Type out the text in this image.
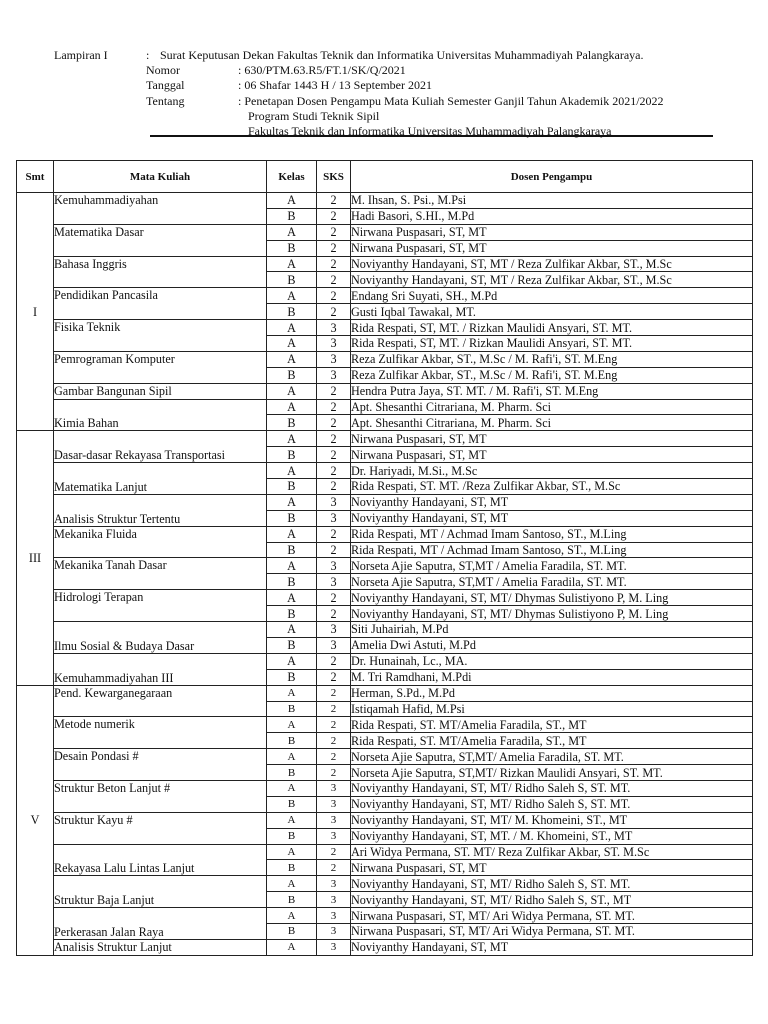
Lampiran I	: Surat Keputusan Dekan Fakultas Teknik dan Informatika Universitas Muhammadiyah Palangkaraya.
Nomor	: 630/PTM.63.R5/FT.1/SK/Q/2021
Tanggal	: 06 Shafar 1443 H / 13 September 2021
Tentang	: Penetapan Dosen Pengampu Mata Kuliah Semester Ganjil Tahun Akademik 2021/2022
Program Studi Teknik Sipil
Fakultas Teknik dan Informatika Universitas Muhammadiyah Palangkaraya
Smt	Mata Kuliah	Kelas	SKS	Dosen Pengampu
I	Kemuhammadiyahan	A	2	M. Ihsan, S. Psi., M.Psi
		B	2	Hadi Basori, S.HI., M.Pd
	Matematika Dasar	A	2	Nirwana Puspasari, ST, MT
		B	2	Nirwana Puspasari, ST, MT
	Bahasa Inggris	A	2	Noviyanthy Handayani, ST, MT / Reza Zulfikar Akbar, ST., M.Sc
		B	2	Noviyanthy Handayani, ST, MT / Reza Zulfikar Akbar, ST., M.Sc
	Pendidikan Pancasila	A	2	Endang Sri Suyati, SH., M.Pd
		B	2	Gusti Iqbal Tawakal, MT.
	Fisika Teknik	A	3	Rida Respati, ST, MT. / Rizkan Maulidi Ansyari, ST. MT.
		A	3	Rida Respati, ST, MT. / Rizkan Maulidi Ansyari, ST. MT.
	Pemrograman Komputer	A	3	Reza Zulfikar Akbar, ST., M.Sc / M. Rafi'i, ST. M.Eng
		B	3	Reza Zulfikar Akbar, ST., M.Sc / M. Rafi'i, ST. M.Eng
	Gambar Bangunan Sipil	A	2	Hendra Putra Jaya, ST. MT. / M. Rafi'i, ST. M.Eng
	Kimia Bahan	A	2	Apt. Shesanthi Citrariana, M. Pharm. Sci
		B	2	Apt. Shesanthi Citrariana, M. Pharm. Sci
III	Dasar-dasar Rekayasa Transportasi	A	2	Nirwana Puspasari, ST, MT
		B	2	Nirwana Puspasari, ST, MT
	Matematika Lanjut	A	2	Dr. Hariyadi, M.Si., M.Sc
		B	2	Rida Respati, ST. MT. /Reza Zulfikar Akbar, ST., M.Sc
	Analisis Struktur Tertentu	A	3	Noviyanthy Handayani, ST, MT
		B	3	Noviyanthy Handayani, ST, MT
	Mekanika Fluida	A	2	Rida Respati, MT / Achmad Imam Santoso, ST., M.Ling
		B	2	Rida Respati, MT / Achmad Imam Santoso, ST., M.Ling
	Mekanika Tanah Dasar	A	3	Norseta Ajie Saputra, ST,MT / Amelia Faradila, ST. MT.
		B	3	Norseta Ajie Saputra, ST,MT / Amelia Faradila, ST. MT.
	Hidrologi Terapan	A	2	Noviyanthy Handayani, ST, MT/ Dhymas Sulistiyono P, M. Ling
		B	2	Noviyanthy Handayani, ST, MT/ Dhymas Sulistiyono P, M. Ling
	Ilmu Sosial & Budaya Dasar	A	3	Siti Juhairiah, M.Pd
		B	3	Amelia Dwi Astuti, M.Pd
	Kemuhammadiyahan III	A	2	Dr. Hunainah, Lc., MA.
		B	2	M. Tri Ramdhani, M.Pdi
V	Pend. Kewarganegaraan	A	2	Herman, S.Pd., M.Pd
		B	2	Istiqamah Hafid, M.Psi
	Metode numerik	A	2	Rida Respati, ST. MT/Amelia Faradila, ST., MT
		B	2	Rida Respati, ST. MT/Amelia Faradila, ST., MT
	Desain Pondasi #	A	2	Norseta Ajie Saputra, ST,MT/ Amelia Faradila, ST. MT.
		B	2	Norseta Ajie Saputra, ST,MT/ Rizkan Maulidi Ansyari, ST. MT.
	Struktur Beton Lanjut #	A	3	Noviyanthy Handayani, ST, MT/ Ridho Saleh S, ST. MT.
		B	3	Noviyanthy Handayani, ST, MT/ Ridho Saleh S, ST. MT.
	Struktur Kayu #	A	3	Noviyanthy Handayani, ST, MT/ M. Khomeini, ST., MT
		B	3	Noviyanthy Handayani, ST, MT. / M. Khomeini, ST., MT
	Rekayasa Lalu Lintas Lanjut	A	2	Ari Widya Permana, ST. MT/ Reza Zulfikar Akbar, ST. M.Sc
		B	2	Nirwana Puspasari, ST, MT
	Struktur Baja Lanjut	A	3	Noviyanthy Handayani, ST, MT/ Ridho Saleh S, ST. MT.
		B	3	Noviyanthy Handayani, ST, MT/ Ridho Saleh S, ST., MT
	Perkerasan Jalan Raya	A	3	Nirwana Puspasari, ST, MT/ Ari Widya Permana, ST. MT.
		B	3	Nirwana Puspasari, ST, MT/ Ari Widya Permana, ST. MT.
	Analisis Struktur Lanjut	A	3	Noviyanthy Handayani, ST, MT
